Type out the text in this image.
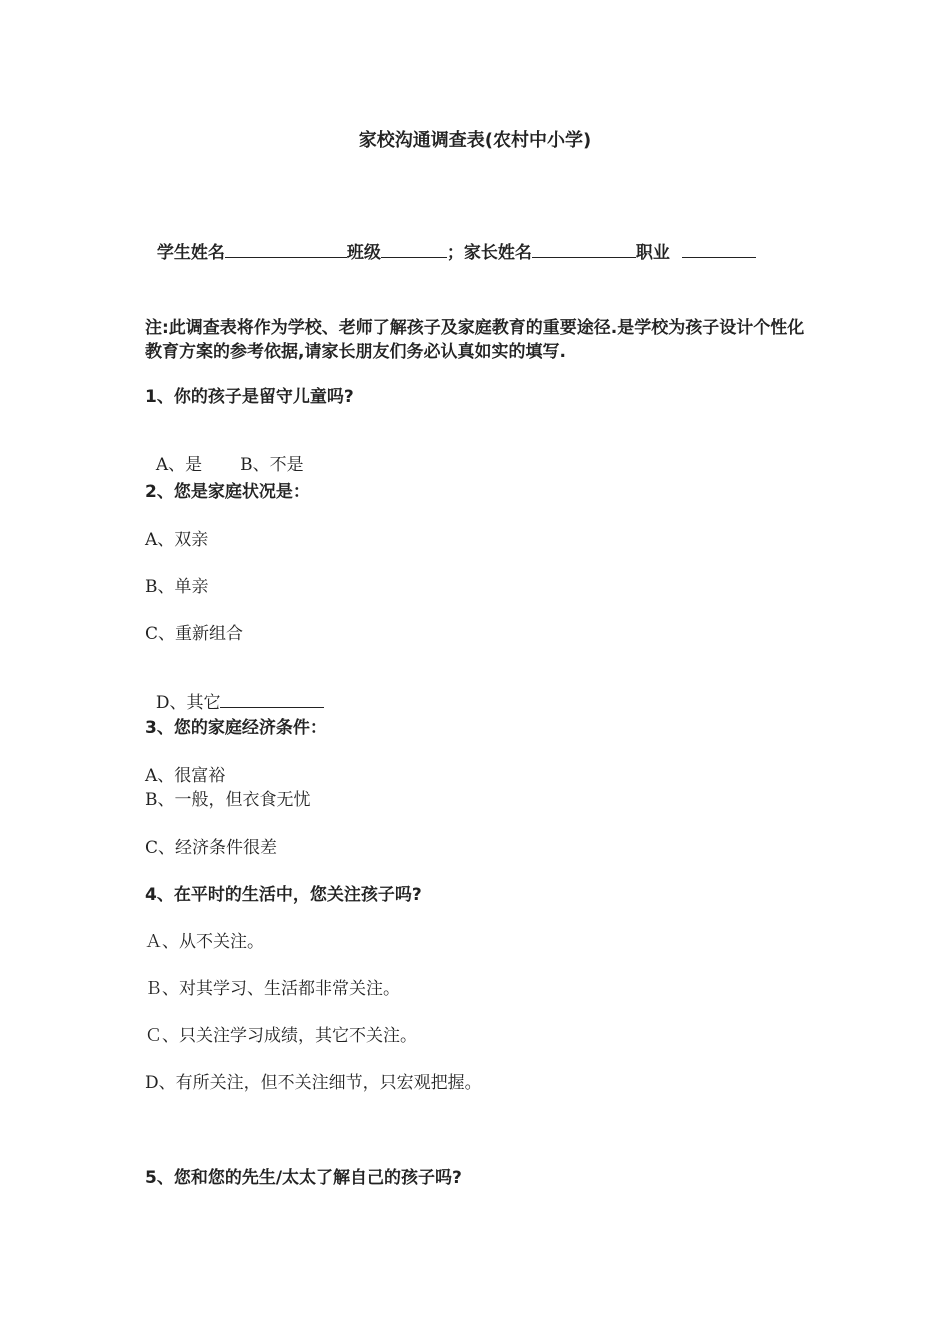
家校沟通调查表(农村中小学)

学生姓名	班级	；家长姓名	职业

注:此调查表将作为学校、老师了解孩子及家庭教育的重要途径.是学校为孩子设计个性化教育方案的参考依据,请家长朋友们务必认真如实的填写.
1、你的孩子是留守儿童吗?

A、是 B、不是

2、您是家庭状况是：
A、双亲
B、单亲
C、重新组合

D、其它

3、您的家庭经济条件：
A、很富裕
B、一般，但衣食无忧
C、经济条件很差
4、在平时的生活中，您关注孩子吗?
Ａ、从不关注。
Ｂ、对其学习、生活都非常关注。
Ｃ、只关注学习成绩，其它不关注。
D、有所关注，但不关注细节，只宏观把握。
5、您和您的先生/太太了解自己的孩子吗?
